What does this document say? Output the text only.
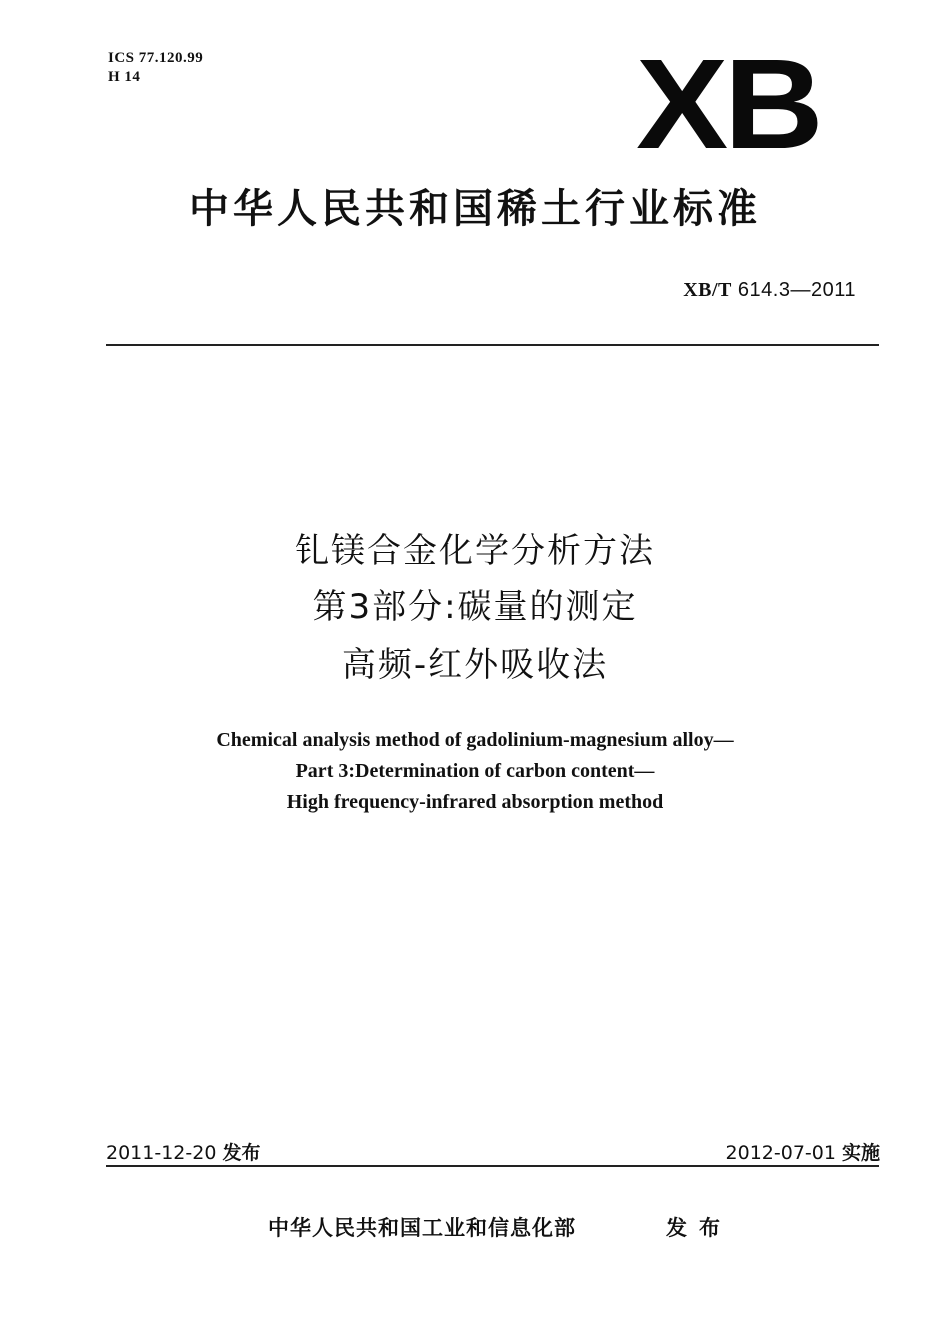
ICS 77.120.99
H 14	XB
中华人民共和国稀土行业标准
XB/T 614.3—2011
钆镁合金化学分析方法
第3部分:碳量的测定
高频-红外吸收法
Chemical analysis method of gadolinium-magnesium alloy—
Part 3:Determination of carbon content—
High frequency-infrared absorption method
2011-12-20 发布	2012-07-01 实施
中华人民共和国工业和信息化部	发布
